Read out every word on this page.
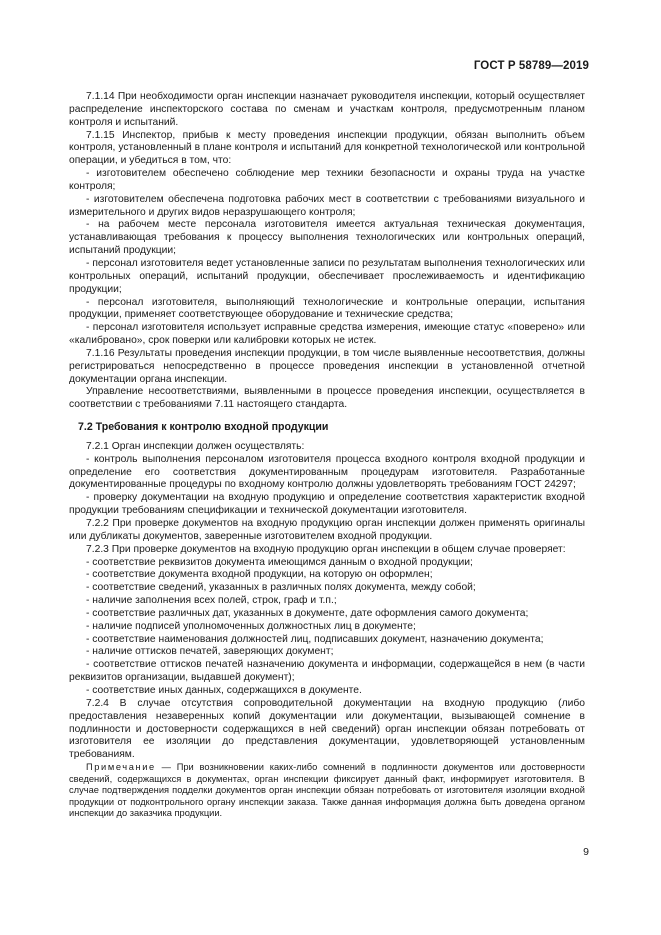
ГОСТ Р 58789—2019

7.1.14 При необходимости орган инспекции назначает руководителя инспекции, который осуществляет распределение инспекторского состава по сменам и участкам контроля, предусмотренным планом контроля и испытаний.

7.1.15 Инспектор, прибыв к месту проведения инспекции продукции, обязан выполнить объем контроля, установленный в плане контроля и испытаний для конкретной технологической или контрольной операции, и убедиться в том, что:

- изготовителем обеспечено соблюдение мер техники безопасности и охраны труда на участке контроля;

- изготовителем обеспечена подготовка рабочих мест в соответствии с требованиями визуального и измерительного и других видов неразрушающего контроля;

- на рабочем месте персонала изготовителя имеется актуальная техническая документация, устанавливающая требования к процессу выполнения технологических или контрольных операций, испытаний продукции;

- персонал изготовителя ведет установленные записи по результатам выполнения технологических или контрольных операций, испытаний продукции, обеспечивает прослеживаемость и идентификацию продукции;

- персонал изготовителя, выполняющий технологические и контрольные операции, испытания продукции, применяет соответствующее оборудование и технические средства;

- персонал изготовителя использует исправные средства измерения, имеющие статус «поверено» или «калибровано», срок поверки или калибровки которых не истек.

7.1.16 Результаты проведения инспекции продукции, в том числе выявленные несоответствия, должны регистрироваться непосредственно в процессе проведения инспекции в установленной отчетной документации органа инспекции.

Управление несоответствиями, выявленными в процессе проведения инспекции, осуществляется в соответствии с требованиями 7.11 настоящего стандарта.

7.2 Требования к контролю входной продукции

7.2.1 Орган инспекции должен осуществлять:

- контроль выполнения персоналом изготовителя процесса входного контроля входной продукции и определение его соответствия документированным процедурам изготовителя. Разработанные документированные процедуры по входному контролю должны удовлетворять требованиям ГОСТ 24297;

- проверку документации на входную продукцию и определение соответствия характеристик входной продукции требованиям спецификации и технической документации изготовителя.

7.2.2 При проверке документов на входную продукцию орган инспекции должен применять оригиналы или дубликаты документов, заверенные изготовителем входной продукции.

7.2.3 При проверке документов на входную продукцию орган инспекции в общем случае проверяет:

- соответствие реквизитов документа имеющимся данным о входной продукции;

- соответствие документа входной продукции, на которую он оформлен;

- соответствие сведений, указанных в различных полях документа, между собой;

- наличие заполнения всех полей, строк, граф и т.п.;

- соответствие различных дат, указанных в документе, дате оформления самого документа;

- наличие подписей уполномоченных должностных лиц в документе;

- соответствие наименования должностей лиц, подписавших документ, назначению документа;

- наличие оттисков печатей, заверяющих документ;

- соответствие оттисков печатей назначению документа и информации, содержащейся в нем (в части реквизитов организации, выдавшей документ);

- соответствие иных данных, содержащихся в документе.

7.2.4 В случае отсутствия сопроводительной документации на входную продукцию (либо предоставления незаверенных копий документации или документации, вызывающей сомнение в подлинности и достоверности содержащихся в ней сведений) орган инспекции обязан потребовать от изготовителя ее изоляции до представления документации, удовлетворяющей установленным требованиям.

Примечание — При возникновении каких-либо сомнений в подлинности документов или достоверности сведений, содержащихся в документах, орган инспекции фиксирует данный факт, информирует изготовителя. В случае подтверждения подделки документов орган инспекции обязан потребовать от изготовителя изоляции входной продукции от подконтрольного органу инспекции заказа. Также данная информация должна быть доведена органом инспекции до заказчика продукции.

9
